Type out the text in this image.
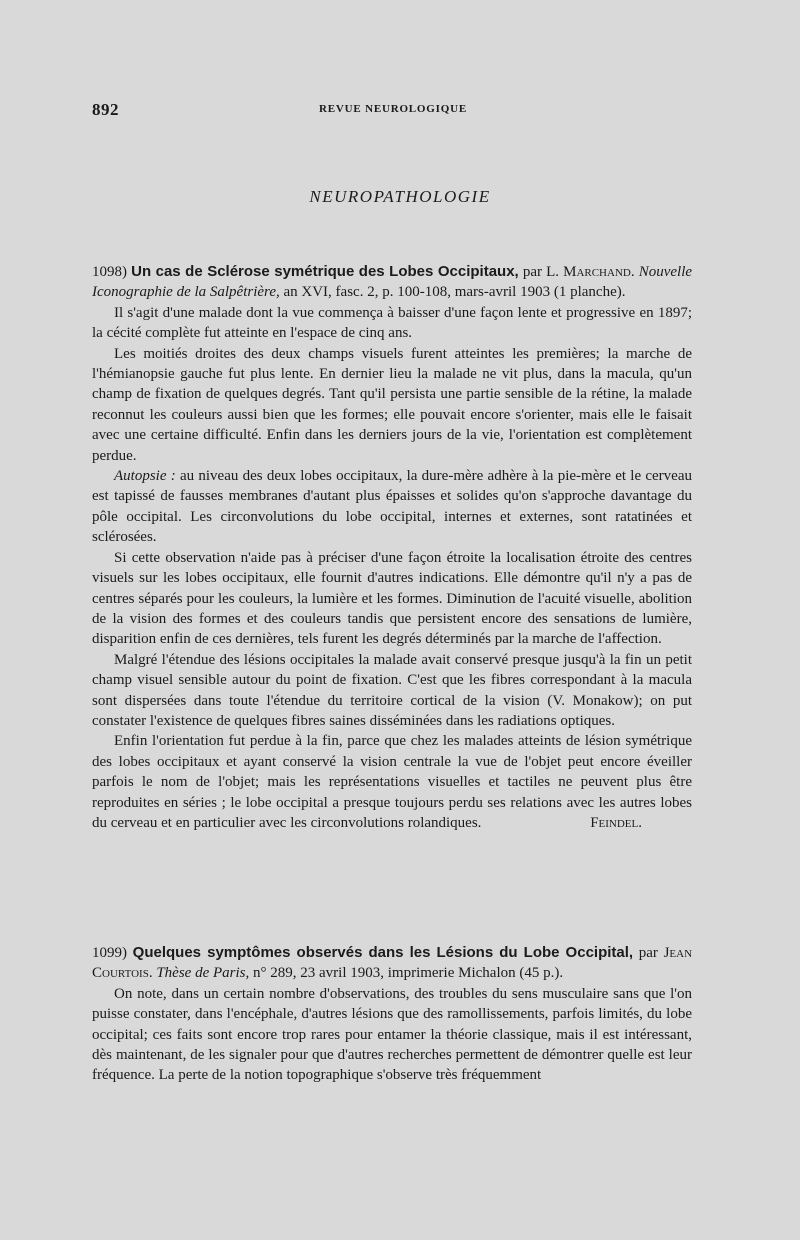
892	REVUE NEUROLOGIQUE
NEUROPATHOLOGIE

1098) Un cas de Sclérose symétrique des Lobes Occipitaux, par L. Marchand. Nouvelle Iconographie de la Salpêtrière, an XVI, fasc. 2, p. 100-108, mars-avril 1903 (1 planche).

Il s'agit d'une malade dont la vue commença à baisser d'une façon lente et progressive en 1897; la cécité complète fut atteinte en l'espace de cinq ans.

Les moitiés droites des deux champs visuels furent atteintes les premières; la marche de l'hémianopsie gauche fut plus lente. En dernier lieu la malade ne vit plus, dans la macula, qu'un champ de fixation de quelques degrés. Tant qu'il persista une partie sensible de la rétine, la malade reconnut les couleurs aussi bien que les formes; elle pouvait encore s'orienter, mais elle le faisait avec une certaine difficulté. Enfin dans les derniers jours de la vie, l'orientation est complètement perdue.

Autopsie : au niveau des deux lobes occipitaux, la dure-mère adhère à la pie-mère et le cerveau est tapissé de fausses membranes d'autant plus épaisses et solides qu'on s'approche davantage du pôle occipital. Les circonvolutions du lobe occipital, internes et externes, sont ratatinées et sclérosées.

Si cette observation n'aide pas à préciser d'une façon étroite la localisation étroite des centres visuels sur les lobes occipitaux, elle fournit d'autres indications. Elle démontre qu'il n'y a pas de centres séparés pour les couleurs, la lumière et les formes. Diminution de l'acuité visuelle, abolition de la vision des formes et des couleurs tandis que persistent encore des sensations de lumière, disparition enfin de ces dernières, tels furent les degrés déterminés par la marche de l'affection.

Malgré l'étendue des lésions occipitales la malade avait conservé presque jusqu'à la fin un petit champ visuel sensible autour du point de fixation. C'est que les fibres correspondant à la macula sont dispersées dans toute l'étendue du territoire cortical de la vision (V. Monakow); on put constater l'existence de quelques fibres saines disséminées dans les radiations optiques.

Enfin l'orientation fut perdue à la fin, parce que chez les malades atteints de lésion symétrique des lobes occipitaux et ayant conservé la vision centrale la vue de l'objet peut encore éveiller parfois le nom de l'objet; mais les représentations visuelles et tactiles ne peuvent plus être reproduites en séries ; le lobe occipital a presque toujours perdu ses relations avec les autres lobes du cerveau et en particulier avec les circonvolutions rolandiques.	Feindel.

1099) Quelques symptômes observés dans les Lésions du Lobe Occipital, par Jean Courtois. Thèse de Paris, n° 289, 23 avril 1903, imprimerie Michalon (45 p.).

On note, dans un certain nombre d'observations, des troubles du sens musculaire sans que l'on puisse constater, dans l'encéphale, d'autres lésions que des ramollissements, parfois limités, du lobe occipital; ces faits sont encore trop rares pour entamer la théorie classique, mais il est intéressant, dès maintenant, de les signaler pour que d'autres recherches permettent de démontrer quelle est leur fréquence. La perte de la notion topographique s'observe très fréquemment
